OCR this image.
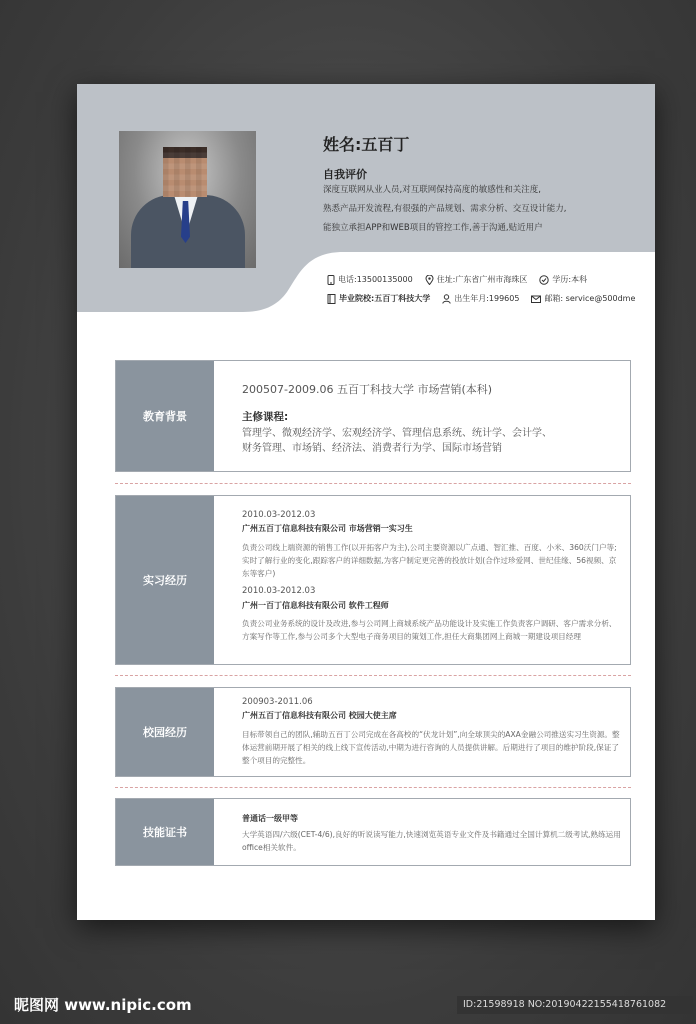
姓名:五百丁
自我评价
深度互联网从业人员,对互联网保持高度的敏感性和关注度,
熟悉产品开发流程,有很强的产品规划、需求分析、交互设计能力,
能独立承担APP和WEB项目的管控工作,善于沟通,贴近用户
电话:13500135000	住址:广东省广州市海珠区	学历:本科
毕业院校:五百丁科技大学	出生年月:199605	邮箱: service@500dme
教育背景
200507-2009.06 五百丁科技大学 市场营销(本科)
主修课程:
管理学、微观经济学、宏观经济学、管理信息系统、统计学、会计学、
财务管理、市场销、经济法、消费者行为学、国际市场营销
实习经历
2010.03-2012.03
广州五百丁信息科技有限公司 市场营销一实习生
负责公司线上端资源的销售工作(以开拓客户为主),公司主要资源以广点通、智汇推、百度、小米、360沃门户等;实时了解行业的变化,跟踪客户的详细数据,为客户制定更完善的投放计划(合作过珍爱网、世纪佳缘、56视频、京东等客户)
2010.03-2012.03
广州一百丁信息科技有限公司 软件工程师
负责公司业务系统的设计及改进,参与公司网上商城系统产品功能设计及实施工作负责客户调研、客户需求分析、方案写作等工作,参与公司多个大型电子商务项目的策划工作,担任大商集团网上商城一期建设项目经理
校园经历
200903-2011.06
广州五百丁信息科技有限公司 校园大使主席
目标带领自己的团队,辅助五百丁公司完成在各高校的“伏龙计划”,向全球顶尖的AXA金融公司推送实习生资源。整体运营前期开展了相关的线上线下宣传活动,中期为进行咨询的人员提供讲解。后期进行了项目的维护阶段,保证了整个项目的完整性。
技能证书
普通话一级甲等
大学英语四/六级(CET-4/6),良好的听说读写能力,快速浏览英语专业文件及书籍通过全国计算机二级考试,熟练运用 office相关软件。
昵图网 www.nipic.com	ID:21598918 NO:20190422155418761082
